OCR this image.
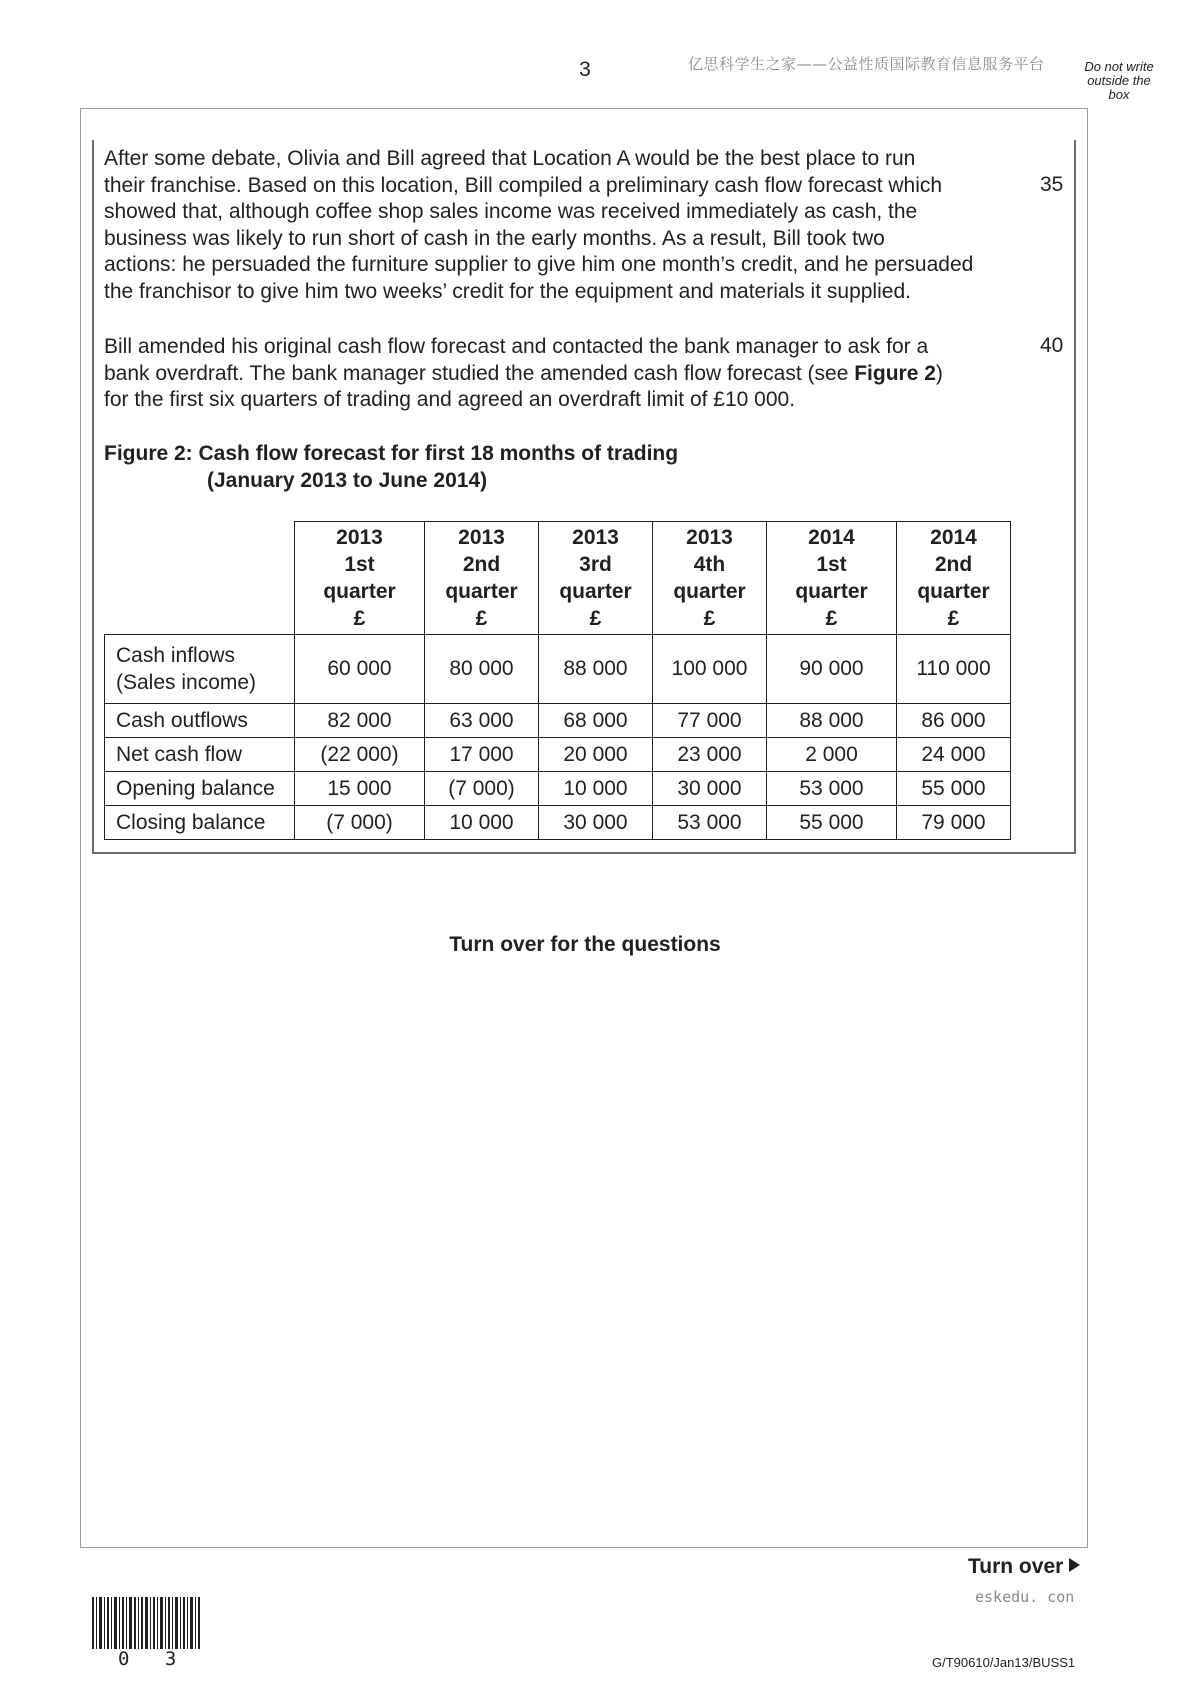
3	亿思科学生之家——公益性质国际教育信息服务平台	Do not write outside the box
After some debate, Olivia and Bill agreed that Location A would be the best place to run
their franchise. Based on this location, Bill compiled a preliminary cash flow forecast which
showed that, although coffee shop sales income was received immediately as cash, the
business was likely to run short of cash in the early months. As a result, Bill took two
actions: he persuaded the furniture supplier to give him one month’s credit, and he persuaded
the franchisor to give him two weeks’ credit for the equipment and materials it supplied.
35
Bill amended his original cash flow forecast and contacted the bank manager to ask for a
bank overdraft. The bank manager studied the amended cash flow forecast (see Figure 2)
for the first six quarters of trading and agreed an overdraft limit of £10 000.
40
Figure 2: Cash flow forecast for first 18 months of trading
(January 2013 to June 2014)

	2013
1st
quarter
£	2013
2nd
quarter
£	2013
3rd
quarter
£	2013
4th
quarter
£	2014
1st
quarter
£	2014
2nd
quarter
£

Cash inflows
(Sales income)	60 000	80 000	88 000	100 000	90 000	110 000
Cash outflows	82 000	63 000	68 000	77 000	88 000	86 000
Net cash flow	(22 000)	17 000	20 000	23 000	2 000	24 000
Opening balance	15 000	(7 000)	10 000	30 000	53 000	55 000
Closing balance	(7 000)	10 000	30 000	53 000	55 000	79 000
Turn over for the questions
Turn over
eskedu. con
0 3	G/T90610/Jan13/BUSS1
